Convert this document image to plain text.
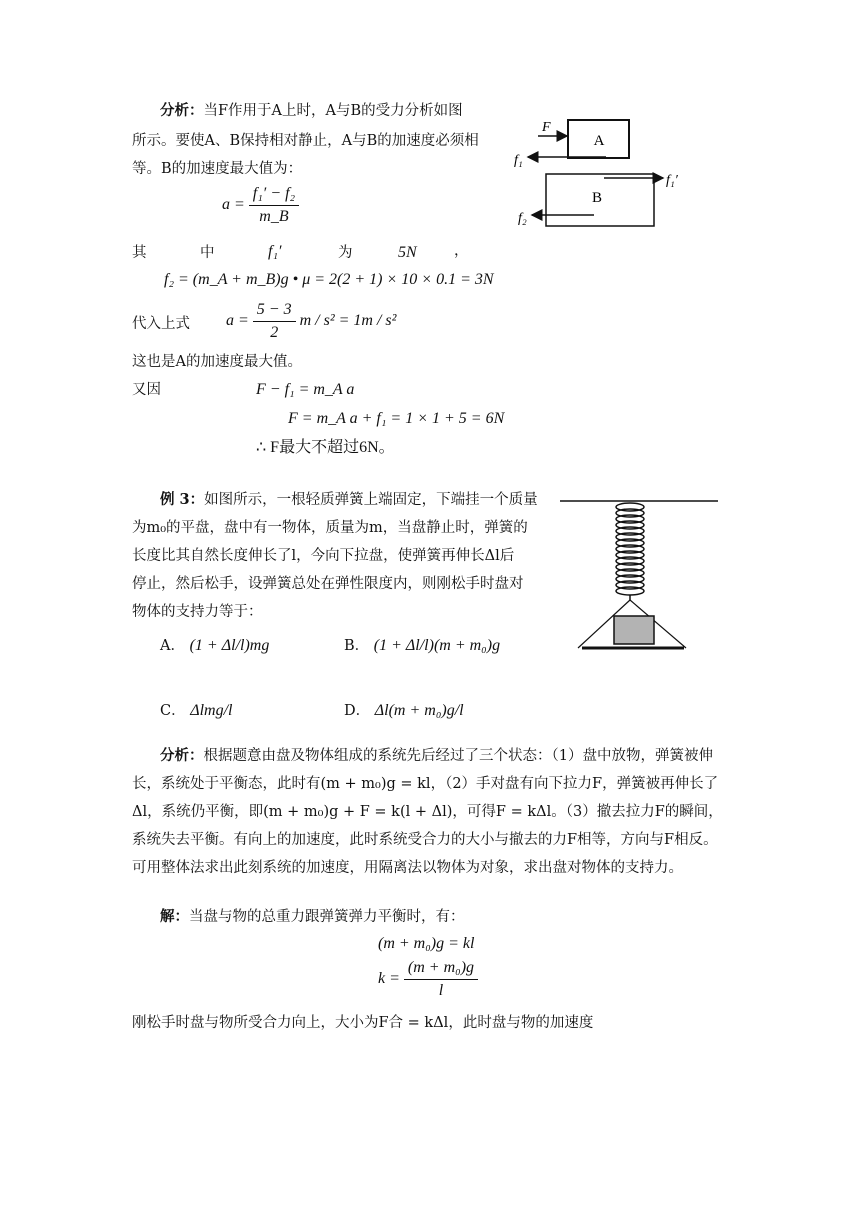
分析：当F作用于A上时，A与B的受力分析如图
所示。要使A、B保持相对静止，A与B的加速度必须相
等。B的加速度最大值为：
$a = \frac{\text{f₁′ − f₂}}{m\_B}$
其	中	f₁′	为	5N	，
f₂ = (m_A + m_B)g • μ = 2(2 + 1) × 10 × 0.1 = 3N
代入上式 $a = \frac{5 - 3}{2}$ m / s² = 1m / s²
这也是A的加速度最大值。
又因	F − f₁ = m_A a
F = m_A a + f₁ = 1 × 1 + 5 = 6N
∴ F最大不超过6N。
A
B
F
f₁
f₁′
f₂
例 3：如图所示，一根轻质弹簧上端固定，下端挂一个质量
为m₀的平盘，盘中有一物体，质量为m，当盘静止时，弹簧的
长度比其自然长度伸长了l，今向下拉盘，使弹簧再伸长Δl后
停止，然后松手，设弹簧总处在弹性限度内，则刚松手时盘对
物体的支持力等于：
A． (1 + Δl/l)mg	B． (1 + Δl/l)(m + m₀)g
C． Δlmg/l	D． Δl(m + m₀)g/l
分析：根据题意由盘及物体组成的系统先后经过了三个状态：（1）盘中放物，弹簧被伸长，系统处于平衡态，此时有(m + m₀)g = kl，（2）手对盘有向下拉力F，弹簧被再伸长了Δl，系统仍平衡，即(m + m₀)g + F = k(l + Δl)，可得F = kΔl。（3）撤去拉力F的瞬间，系统失去平衡。有向上的加速度，此时系统受合力的大小与撤去的力F相等，方向与F相反。可用整体法求出此刻系统的加速度，用隔离法以物体为对象，求出盘对物体的支持力。
解：当盘与物的总重力跟弹簧弹力平衡时，有：
(m + m₀)g = kl
$k = \frac{\text{(m + m₀)g}}{l}$
刚松手时盘与物所受合力向上，大小为F合 = kΔl，此时盘与物的加速度
